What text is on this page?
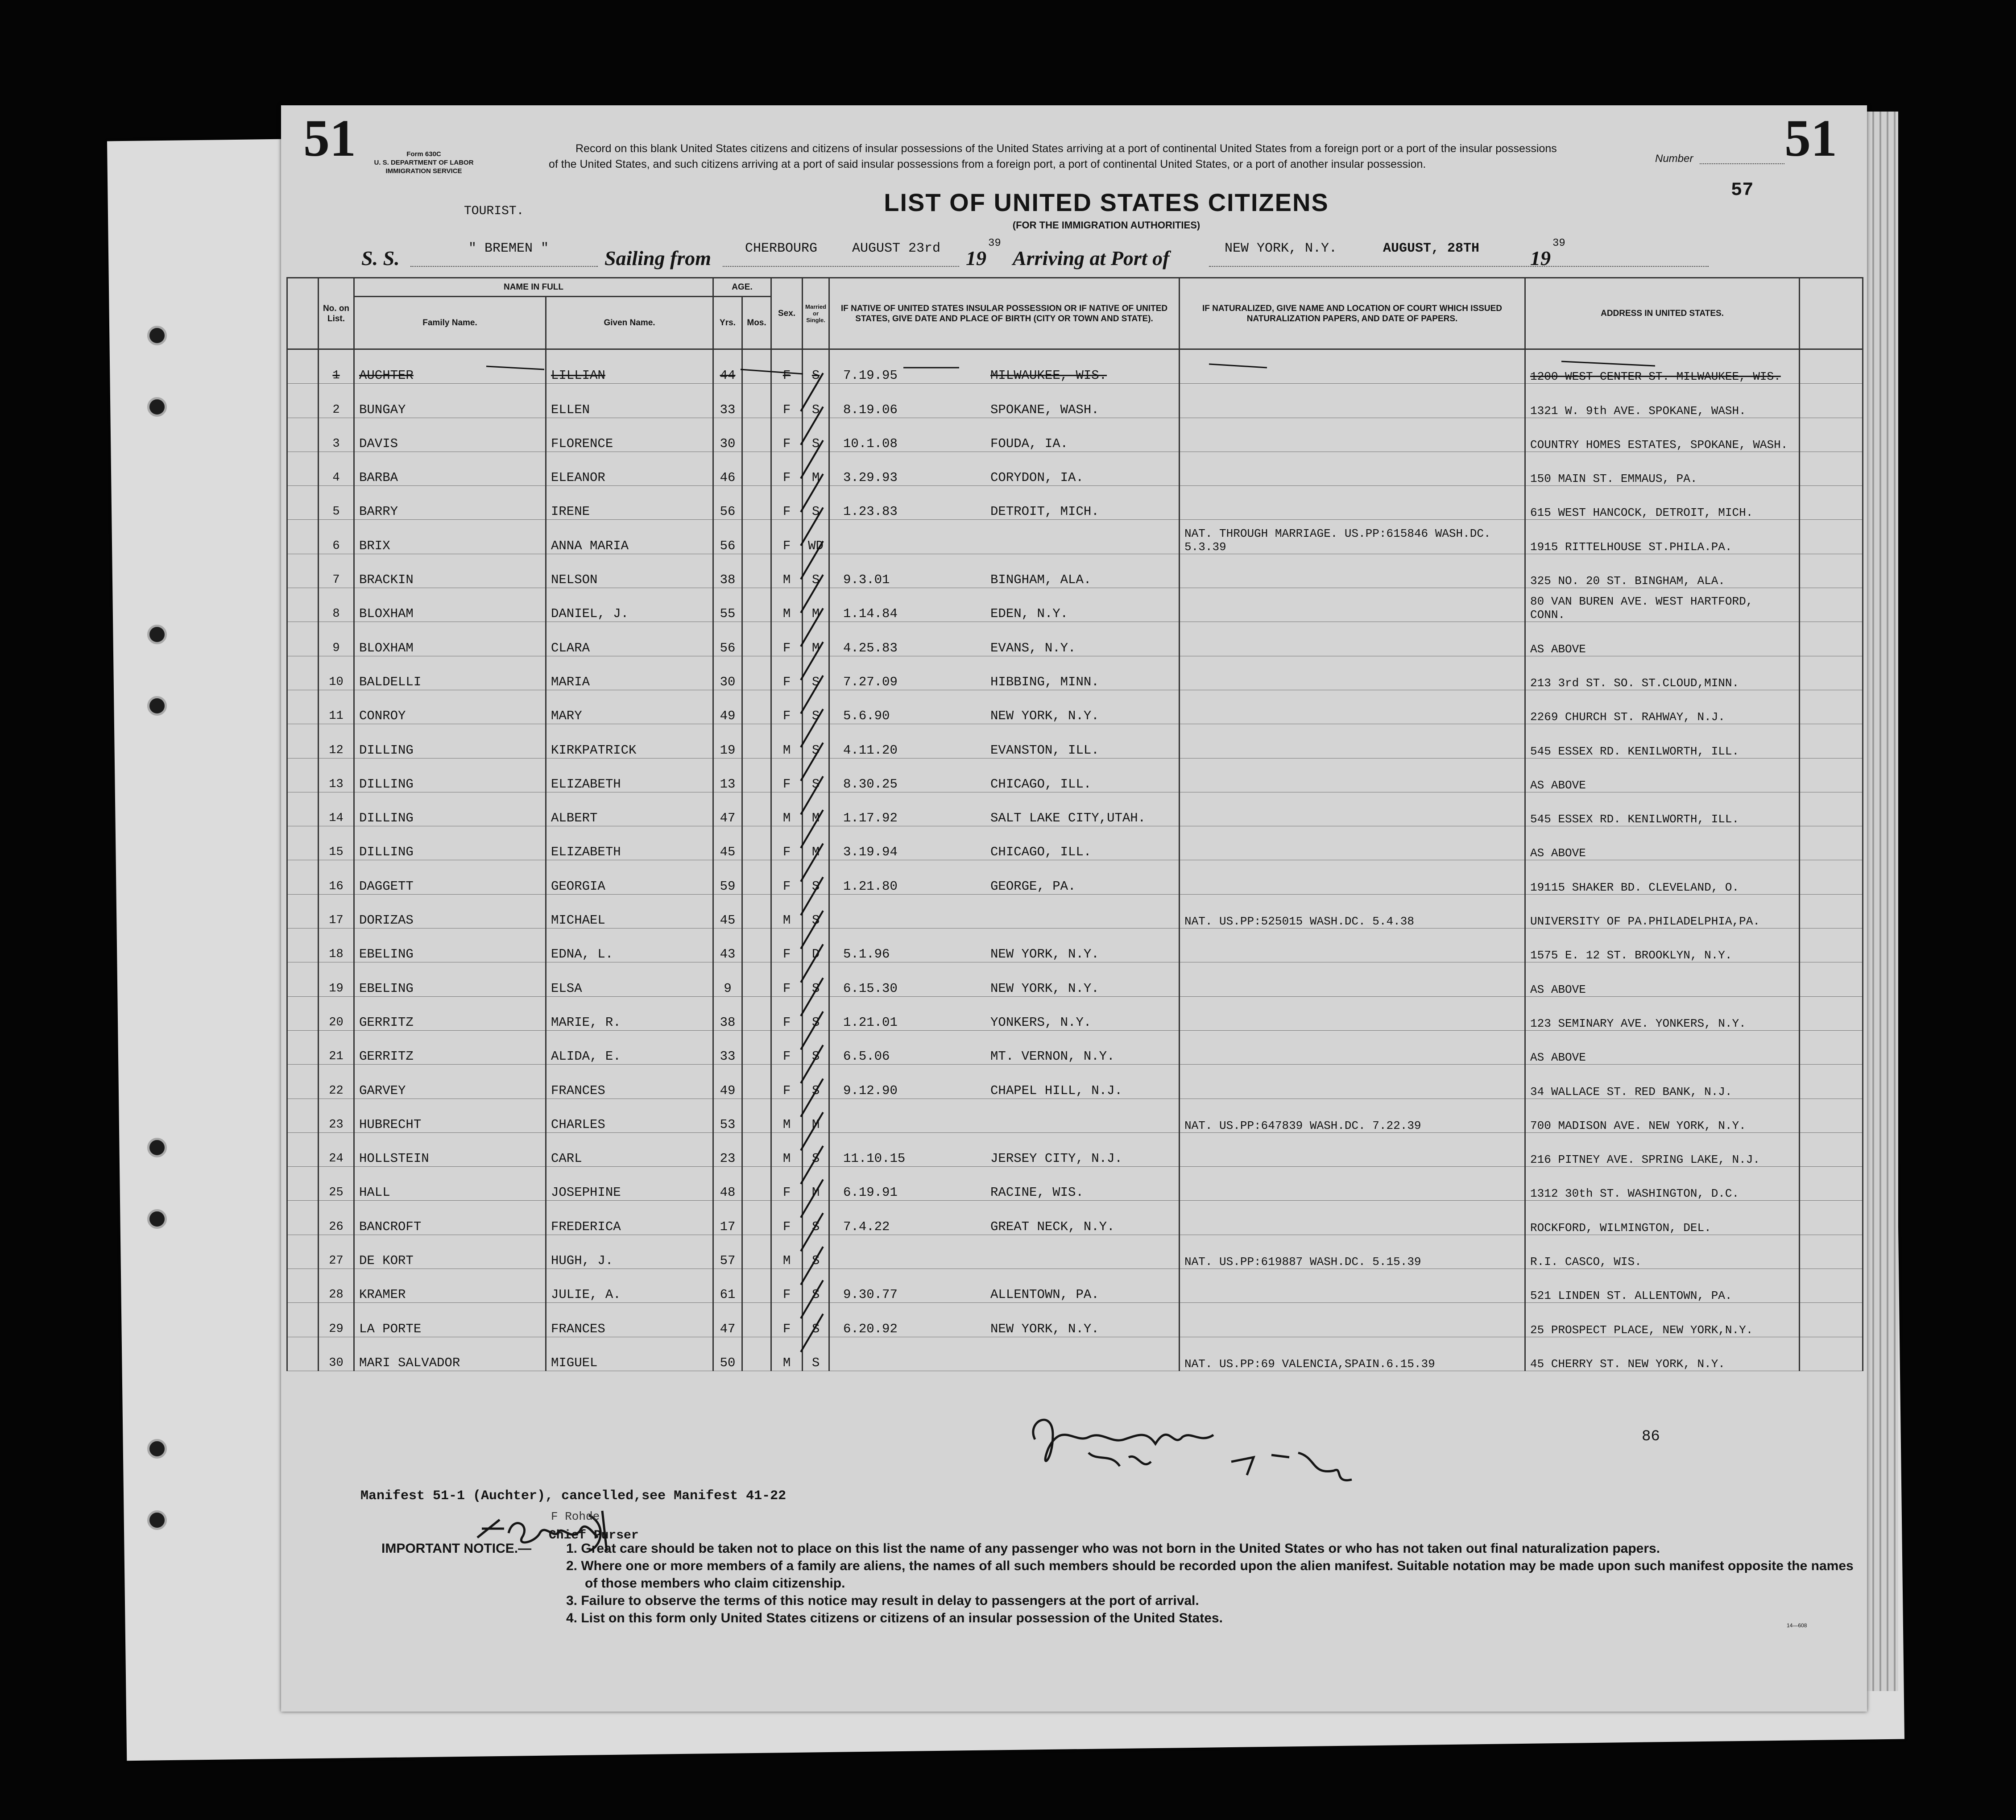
51	51
Form 630C
U. S. DEPARTMENT OF LABOR
IMMIGRATION SERVICE
Record on this blank United States citizens and citizens of insular possessions of the United States arriving at a port of continental United States from a foreign port or a port of the insular possessions of the United States, and such citizens arriving at a port of said insular possessions from a foreign port, a port of continental United States, or a port of another insular possession.	Number
57
TOURIST.	LIST OF UNITED STATES CITIZENS
(FOR THE IMMIGRATION AUTHORITIES)
S. S.	" BREMEN "	Sailing from	CHERBOURG	AUGUST 23rd 19
39
Arriving at Port of	NEW YORK, N.Y.	AUGUST, 28TH 19
39
	No. on List.	NAME IN FULL		AGE.		Sex.	Married or Single.	IF NATIVE OF UNITED STATES INSULAR POSSESSION OR IF NATIVE OF UNITED STATES, GIVE DATE AND PLACE OF BIRTH (CITY OR TOWN AND STATE).	IF NATURALIZED, GIVE NAME AND LOCATION OF COURT WHICH ISSUED NATURALIZATION PAPERS, AND DATE OF PAPERS.	ADDRESS IN UNITED STATES.	
		Family Name.	Given Name.	Yrs.	Mos.						
	1	AUCHTER	LILLIAN	44		F	S	7.19.95 MILWAUKEE, WIS.		1200 WEST CENTER ST. MILWAUKEE, WIS.	
	2	BUNGAY	ELLEN	33		F	S	8.19.06 SPOKANE, WASH.		1321 W. 9th AVE. SPOKANE, WASH.	
	3	DAVIS	FLORENCE	30		F	S	10.1.08 FOUDA, IA.		COUNTRY HOMES ESTATES, SPOKANE, WASH.	
	4	BARBA	ELEANOR	46		F	M	3.29.93 CORYDON, IA.		150 MAIN ST. EMMAUS, PA.	
	5	BARRY	IRENE	56		F	S	1.23.83 DETROIT, MICH.		615 WEST HANCOCK, DETROIT, MICH.	
	6	BRIX	ANNA MARIA	56		F	WD		NAT. THROUGH MARRIAGE. US.PP:615846 WASH.DC. 5.3.39	1915 RITTELHOUSE ST.PHILA.PA.	
	7	BRACKIN	NELSON	38		M	S	9.3.01 BINGHAM, ALA.		325 NO. 20 ST. BINGHAM, ALA.	
	8	BLOXHAM	DANIEL, J.	55		M	M	1.14.84 EDEN, N.Y.		80 VAN BUREN AVE. WEST HARTFORD, CONN.	
	9	BLOXHAM	CLARA	56		F	M	4.25.83 EVANS, N.Y.		AS ABOVE	
	10	BALDELLI	MARIA	30		F	S	7.27.09 HIBBING, MINN.		213 3rd ST. SO. ST.CLOUD,MINN.	
	11	CONROY	MARY	49		F	S	5.6.90 NEW YORK, N.Y.		2269 CHURCH ST. RAHWAY, N.J.	
	12	DILLING	KIRKPATRICK	19		M	S	4.11.20 EVANSTON, ILL.		545 ESSEX RD. KENILWORTH, ILL.	
	13	DILLING	ELIZABETH	13		F	S	8.30.25 CHICAGO, ILL.		AS ABOVE	
	14	DILLING	ALBERT	47		M	M	1.17.92 SALT LAKE CITY,UTAH.		545 ESSEX RD. KENILWORTH, ILL.	
	15	DILLING	ELIZABETH	45		F	M	3.19.94 CHICAGO, ILL.		AS ABOVE	
	16	DAGGETT	GEORGIA	59		F	S	1.21.80 GEORGE, PA.		19115 SHAKER BD. CLEVELAND, O.	
	17	DORIZAS	MICHAEL	45		M	S		NAT. US.PP:525015 WASH.DC. 5.4.38	UNIVERSITY OF PA.PHILADELPHIA,PA.	
	18	EBELING	EDNA, L.	43		F	D	5.1.96 NEW YORK, N.Y.		1575 E. 12 ST. BROOKLYN, N.Y.	
	19	EBELING	ELSA	9		F	S	6.15.30 NEW YORK, N.Y.		AS ABOVE	
	20	GERRITZ	MARIE, R.	38		F	S	1.21.01 YONKERS, N.Y.		123 SEMINARY AVE. YONKERS, N.Y.	
	21	GERRITZ	ALIDA, E.	33		F	S	6.5.06 MT. VERNON, N.Y.		AS ABOVE	
	22	GARVEY	FRANCES	49		F	S	9.12.90 CHAPEL HILL, N.J.		34 WALLACE ST. RED BANK, N.J.	
	23	HUBRECHT	CHARLES	53		M	M		NAT. US.PP:647839 WASH.DC. 7.22.39	700 MADISON AVE. NEW YORK, N.Y.	
	24	HOLLSTEIN	CARL	23		M	S	11.10.15 JERSEY CITY, N.J.		216 PITNEY AVE. SPRING LAKE, N.J.	
	25	HALL	JOSEPHINE	48		F	M	6.19.91 RACINE, WIS.		1312 30th ST. WASHINGTON, D.C.	
	26	BANCROFT	FREDERICA	17		F	S	7.4.22 GREAT NECK, N.Y.		ROCKFORD, WILMINGTON, DEL.	
	27	DE KORT	HUGH, J.	57		M	S		NAT. US.PP:619887 WASH.DC. 5.15.39	R.I. CASCO, WIS.	
	28	KRAMER	JULIE, A.	61		F	S	9.30.77 ALLENTOWN, PA.		521 LINDEN ST. ALLENTOWN, PA.	
	29	LA PORTE	FRANCES	47		F	S	6.20.92 NEW YORK, N.Y.		25 PROSPECT PLACE, NEW YORK,N.Y.	
	30	MARI SALVADOR	MIGUEL	50		M	S		NAT. US.PP:69 VALENCIA,SPAIN.6.15.39	45 CHERRY ST. NEW YORK, N.Y.	
86
Manifest 51-1 (Auchter), cancelled,see Manifest 41-22
F Rohde
Chief Purser
IMPORTANT NOTICE.—	1. Great care should be taken not to place on this list the name of any passenger who was not born in the United States or who has not taken out final naturalization papers.
2. Where one or more members of a family are aliens, the names of all such members should be recorded upon the alien manifest. Suitable notation may be made upon such manifest opposite the names of those members who claim citizenship.
3. Failure to observe the terms of this notice may result in delay to passengers at the port of arrival.
4. List on this form only United States citizens or citizens of an insular possession of the United States.	14—608
